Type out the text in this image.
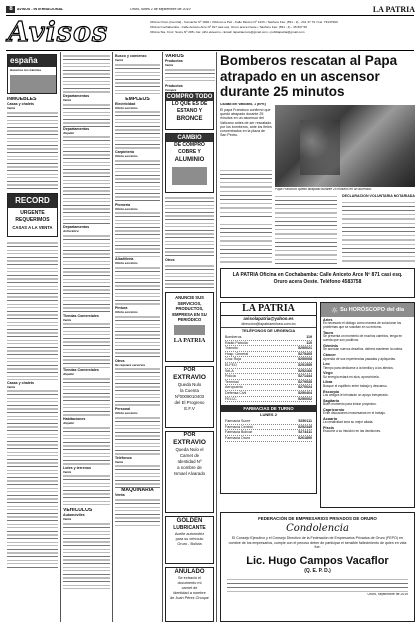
8	AVISOS - INTERNACIONAL	Oruro, lunes 2 de septiembre de 2019	LA PATRIA
Avisos	Oficina Oruro (Central) - Camacho Nº 1892 • Oficina La Paz - Calle México Nº 1433 • Teléfono Fax: (591 - 2) - 231 37 79 / Cel. 79137900
Oficina Cochabamba - Calle Aniceto Arce Nº 917 casi esq. Oruro acera Oeste • Teléfono Fax: (591 - 4) - 45 837 58
Oficina Sta. Cruz: Sucre Nº 288 • fax: piñó ekteerno • Email: lapatriaoruro@gmail.com • publilapatria@gmail.com
españa
Hacemos tus trámites
INMUEBLES
Casas y chalets
Venta
RECORD
URGENTE
REQUERIMOS
CASAS A LA VENTA
Casas y chalets
Venta
Departamentos
Venta
Departamentos
Alquiler
Departamentos
Anticrético
Tiendas Comerciales
Venta
Tiendas Comerciales
Alquiler
Habitaciones
Alquiler
Lotes y terrenos
Venta
VEHÍCULOS
Automóviles
Venta
Busco y comienzo
Venta
EMPLEOS
Electricidad
Oferta servicios
Carpintería
Oferta servicios
Plomería
Oferta servicios
Albañilería
Oferta servicios
Pintura
Oferta servicios
Otros
Se requiere servicios
Personal
Oferta servicios
Teléfonos
Venta
MAQUINARIA
Venta
VARIOS
Productos
Venta
Productos
Compra
COMPRO TODO
LO QUE ES DE
ESTAÑO Y
BRONCE
CAMBIO
DE COMPRO
COBRE Y
ALUMINIO
Otros
ANUNCIE SUS
SERVICIOS,
PRODUCTOS,
EMPRESA EN SU
PERIÓDICO
LA PATRIA
POR
EXTRAVÍO
Queda Nulo
la Cuenta
Nº0009010403
del El Progreso
E.F.V
POR
EXTRAVÍO
Queda Nulo el
Carnet de
Identidad Nº
a nombre de
Ismael Alvarado
GOLDEN
LUBRICANTE
Aceite automotriz
para su vehículo
Oruro - Bolivia
ANULADO
Se extravió el
documento mi
carnet de
identidad a nombre
de Juan Pérez Choque
Bomberos rescatan al Papa atrapado en un ascensor durante 25 minutos
Ciudad del Vaticano, 1 (EFE)
El papa Francisco confirmó que quedó atrapado durante 25 minutos en un ascensor del Vaticano antes de ser rescatado por los bomberos, ante los fieles concentrados en la plaza de San Pedro.
Papa Francisco quedó atrapado durante 25 minutos en un ascensor.
DECLARACION VOLUNTARIA NOTARIADA
LA PATRIA Oficina en Cochabamba: Calle Aniceto Arce Nº 871 casi esq. Oruro acera Oeste. Teléfono 4583758
LA PATRIA
avisolapatria@yahoo.es
direccion@lapatriaenlinea.com.bo
TELÉFONOS DE URGENCIA
Bomberos	119
Radio Patrulla	110
Tránsito	5250021
Hosp. General	5275405
Cruz Roja	5250008
ELFEO	5251555
SeLA	5252166
Policía	5271444
Terminal	5279535
Aeropuerto	5270024
Defensa Civil	5250404
FELCC	5250002
FARMACIAS DE TURNO
LUNES 2
Farmacia Sucre	5250111
Farmacia Central	5252345
Farmacia Bolívar	5274411
Farmacia Oruro	5261890
☼ Su HORÓSCOPO del día
Aries
Es necesario el diálogo como manera de solucionar los problemas que se suscitan en su entorno.
Tauro
Se presenta un momento de muchos cambios, tenga en cuenta que son positivos.
Géminis
Se acercan nuevos desafíos, deberá mantener la calma.
Cáncer
Aprenda de sus experiencias pasadas y aplíquelas.
Leo
Tiempo para dedicarse a la familia y a los afectos.
Virgo
Su energía estará en alza, aprovéchela.
Libra
Busque el equilibrio entre trabajo y descanso.
Escorpio
Los amigos le brindarán un apoyo inesperado.
Sagitario
Buen momento para iniciar proyectos.
Capricornio
Evite discusiones innecesarias en el trabajo.
Acuario
La creatividad será su mejor aliada.
Piscis
Escuche a su intuición en las decisiones.
FEDERACIÓN DE EMPRESARIOS PRIVADOS DE ORURO
Condolencia
El Consejo Ejecutivo y el Consejo Directivo de la Federación de Empresarios Privados de Oruro (FEPO) en nombre de los empresarios, cumple con el penoso deber de participar el sensible fallecimiento de quien en vida fue:
Lic. Hugo Campos Vacaflor
(Q. E. P. D.)
Oruro, septiembre de 2019
